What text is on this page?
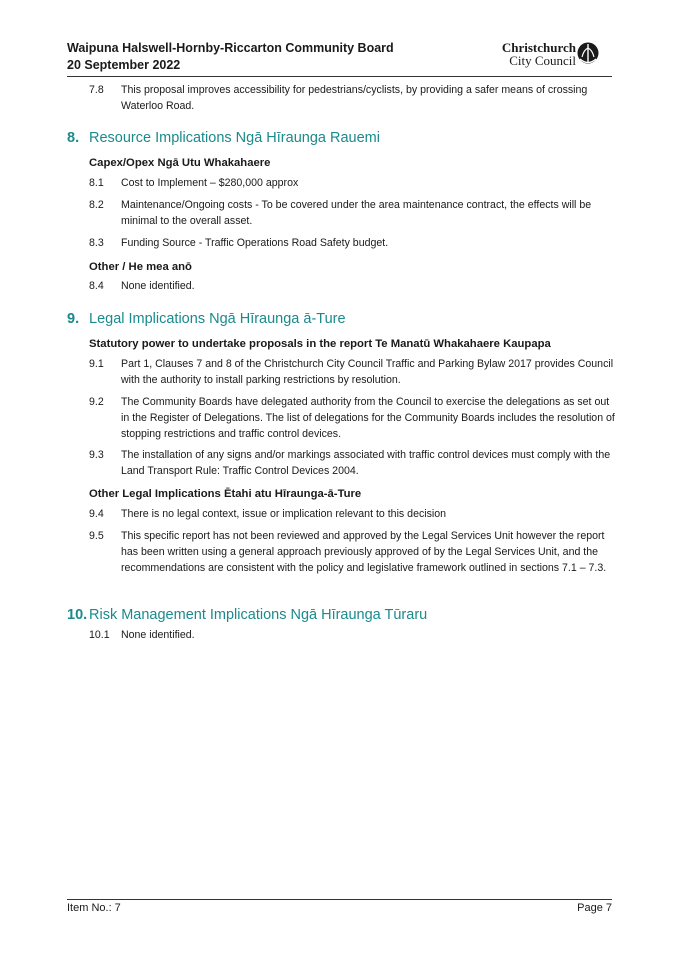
Waipuna Halswell-Hornby-Riccarton Community Board
20 September 2022
Christchurch
City Council
7.8 This proposal improves accessibility for pedestrians/cyclists, by providing a safer means of crossing Waterloo Road.
8. Resource Implications Ngā Hīraunga Rauemi
Capex/Opex Ngā Utu Whakahaere
8.1 Cost to Implement – $280,000 approx
8.2 Maintenance/Ongoing costs - To be covered under the area maintenance contract, the effects will be minimal to the overall asset.
8.3 Funding Source - Traffic Operations Road Safety budget.
Other / He mea anō
8.4 None identified.
9. Legal Implications Ngā Hīraunga ā-Ture
Statutory power to undertake proposals in the report Te Manatū Whakahaere Kaupapa
9.1 Part 1, Clauses 7 and 8 of the Christchurch City Council Traffic and Parking Bylaw 2017 provides Council with the authority to install parking restrictions by resolution.
9.2 The Community Boards have delegated authority from the Council to exercise the delegations as set out in the Register of Delegations. The list of delegations for the Community Boards includes the resolution of stopping restrictions and traffic control devices.
9.3 The installation of any signs and/or markings associated with traffic control devices must comply with the Land Transport Rule: Traffic Control Devices 2004.
Other Legal Implications Ētahi atu Hīraunga-ā-Ture
9.4 There is no legal context, issue or implication relevant to this decision
9.5 This specific report has not been reviewed and approved by the Legal Services Unit however the report has been written using a general approach previously approved of by the Legal Services Unit, and the recommendations are consistent with the policy and legislative framework outlined in sections 7.1 – 7.3.
10. Risk Management Implications Ngā Hīraunga Tūraru
10.1 None identified.
Item No.: 7	Page 7
